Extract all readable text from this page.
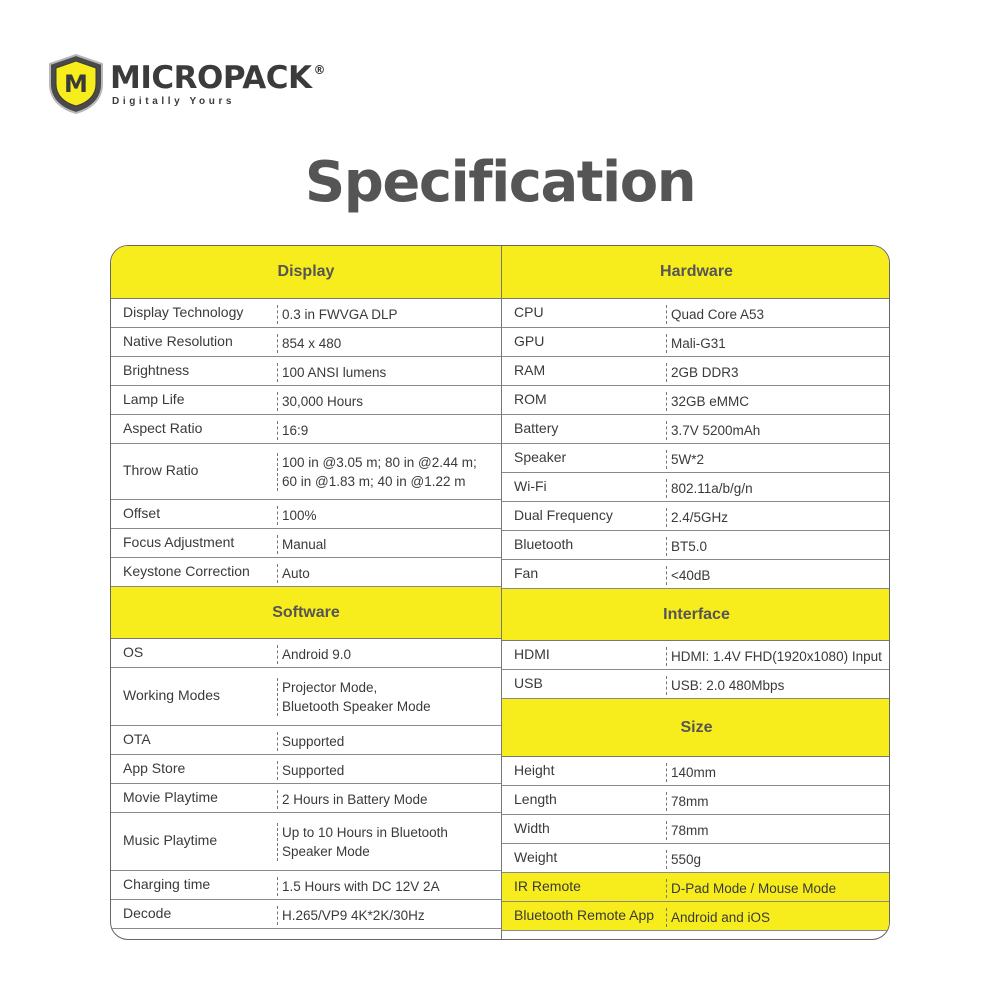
M MICROPACK ®
Digitally Yours
Specification
Display
Display Technology	0.3 in FWVGA DLP
Native Resolution	854 x 480
Brightness	100 ANSI lumens
Lamp Life	30,000 Hours
Aspect Ratio	16:9
Throw Ratio	100 in @3.05 m; 80 in @2.44 m;
60 in @1.83 m; 40 in @1.22 m
Offset	100%
Focus Adjustment	Manual
Keystone Correction	Auto
Software
OS	Android 9.0
Working Modes	Projector Mode,
Bluetooth Speaker Mode
OTA	Supported
App Store	Supported
Movie Playtime	2 Hours in Battery Mode
Music Playtime	Up to 10 Hours in Bluetooth
Speaker Mode
Charging time	1.5 Hours with DC 12V 2A
Decode	H.265/VP9 4K*2K/30Hz
Hardware
CPU	Quad Core A53
GPU	Mali-G31
RAM	2GB DDR3
ROM	32GB eMMC
Battery	3.7V 5200mAh
Speaker	5W*2
Wi-Fi	802.11a/b/g/n
Dual Frequency	2.4/5GHz
Bluetooth	BT5.0
Fan	<40dB
Interface
HDMI	HDMI: 1.4V FHD(1920x1080) Input
USB	USB: 2.0 480Mbps
Size
Height	140mm
Length	78mm
Width	78mm
Weight	550g
IR Remote	D-Pad Mode / Mouse Mode
Bluetooth Remote App	Android and iOS
